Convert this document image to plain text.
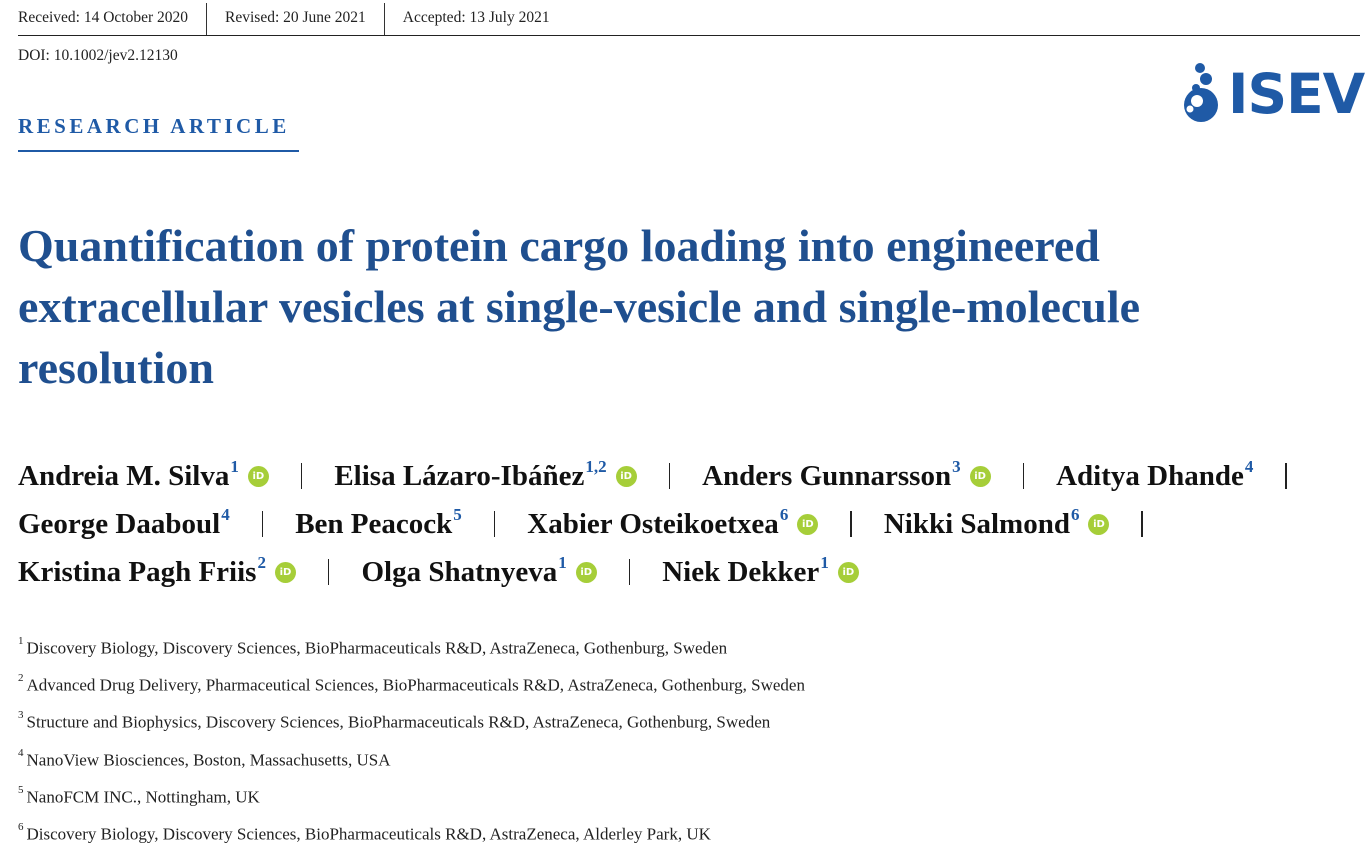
Received: 14 October 2020	Revised: 20 June 2021	Accepted: 13 July 2021
DOI: 10.1002/jev2.12130
ISEV
RESEARCH ARTICLE
Quantification of protein cargo loading into engineered
extracellular vesicles at single-vesicle and single-molecule
resolution
Andreia M. Silva$^1$	iD Elisa Lázaro-Ibáñez$^{1,2}$	iD Anders Gunnarsson$^3$	iD Aditya Dhande$^4$
George Daaboul$^4$ Ben Peacock$^5$ Xabier Osteikoetxea$^6$	iD Nikki Salmond$^6$	iD
Kristina Pagh Friis$^2$	iD Olga Shatnyeva$^1$	iD Niek Dekker$^1$	iD
$^1$ Discovery Biology, Discovery Sciences, BioPharmaceuticals R&D, AstraZeneca, Gothenburg, Sweden
$^2$ Advanced Drug Delivery, Pharmaceutical Sciences, BioPharmaceuticals R&D, AstraZeneca, Gothenburg, Sweden
$^3$ Structure and Biophysics, Discovery Sciences, BioPharmaceuticals R&D, AstraZeneca, Gothenburg, Sweden
$^4$ NanoView Biosciences, Boston, Massachusetts, USA
$^5$ NanoFCM INC., Nottingham, UK
$^6$ Discovery Biology, Discovery Sciences, BioPharmaceuticals R&D, AstraZeneca, Alderley Park, UK
